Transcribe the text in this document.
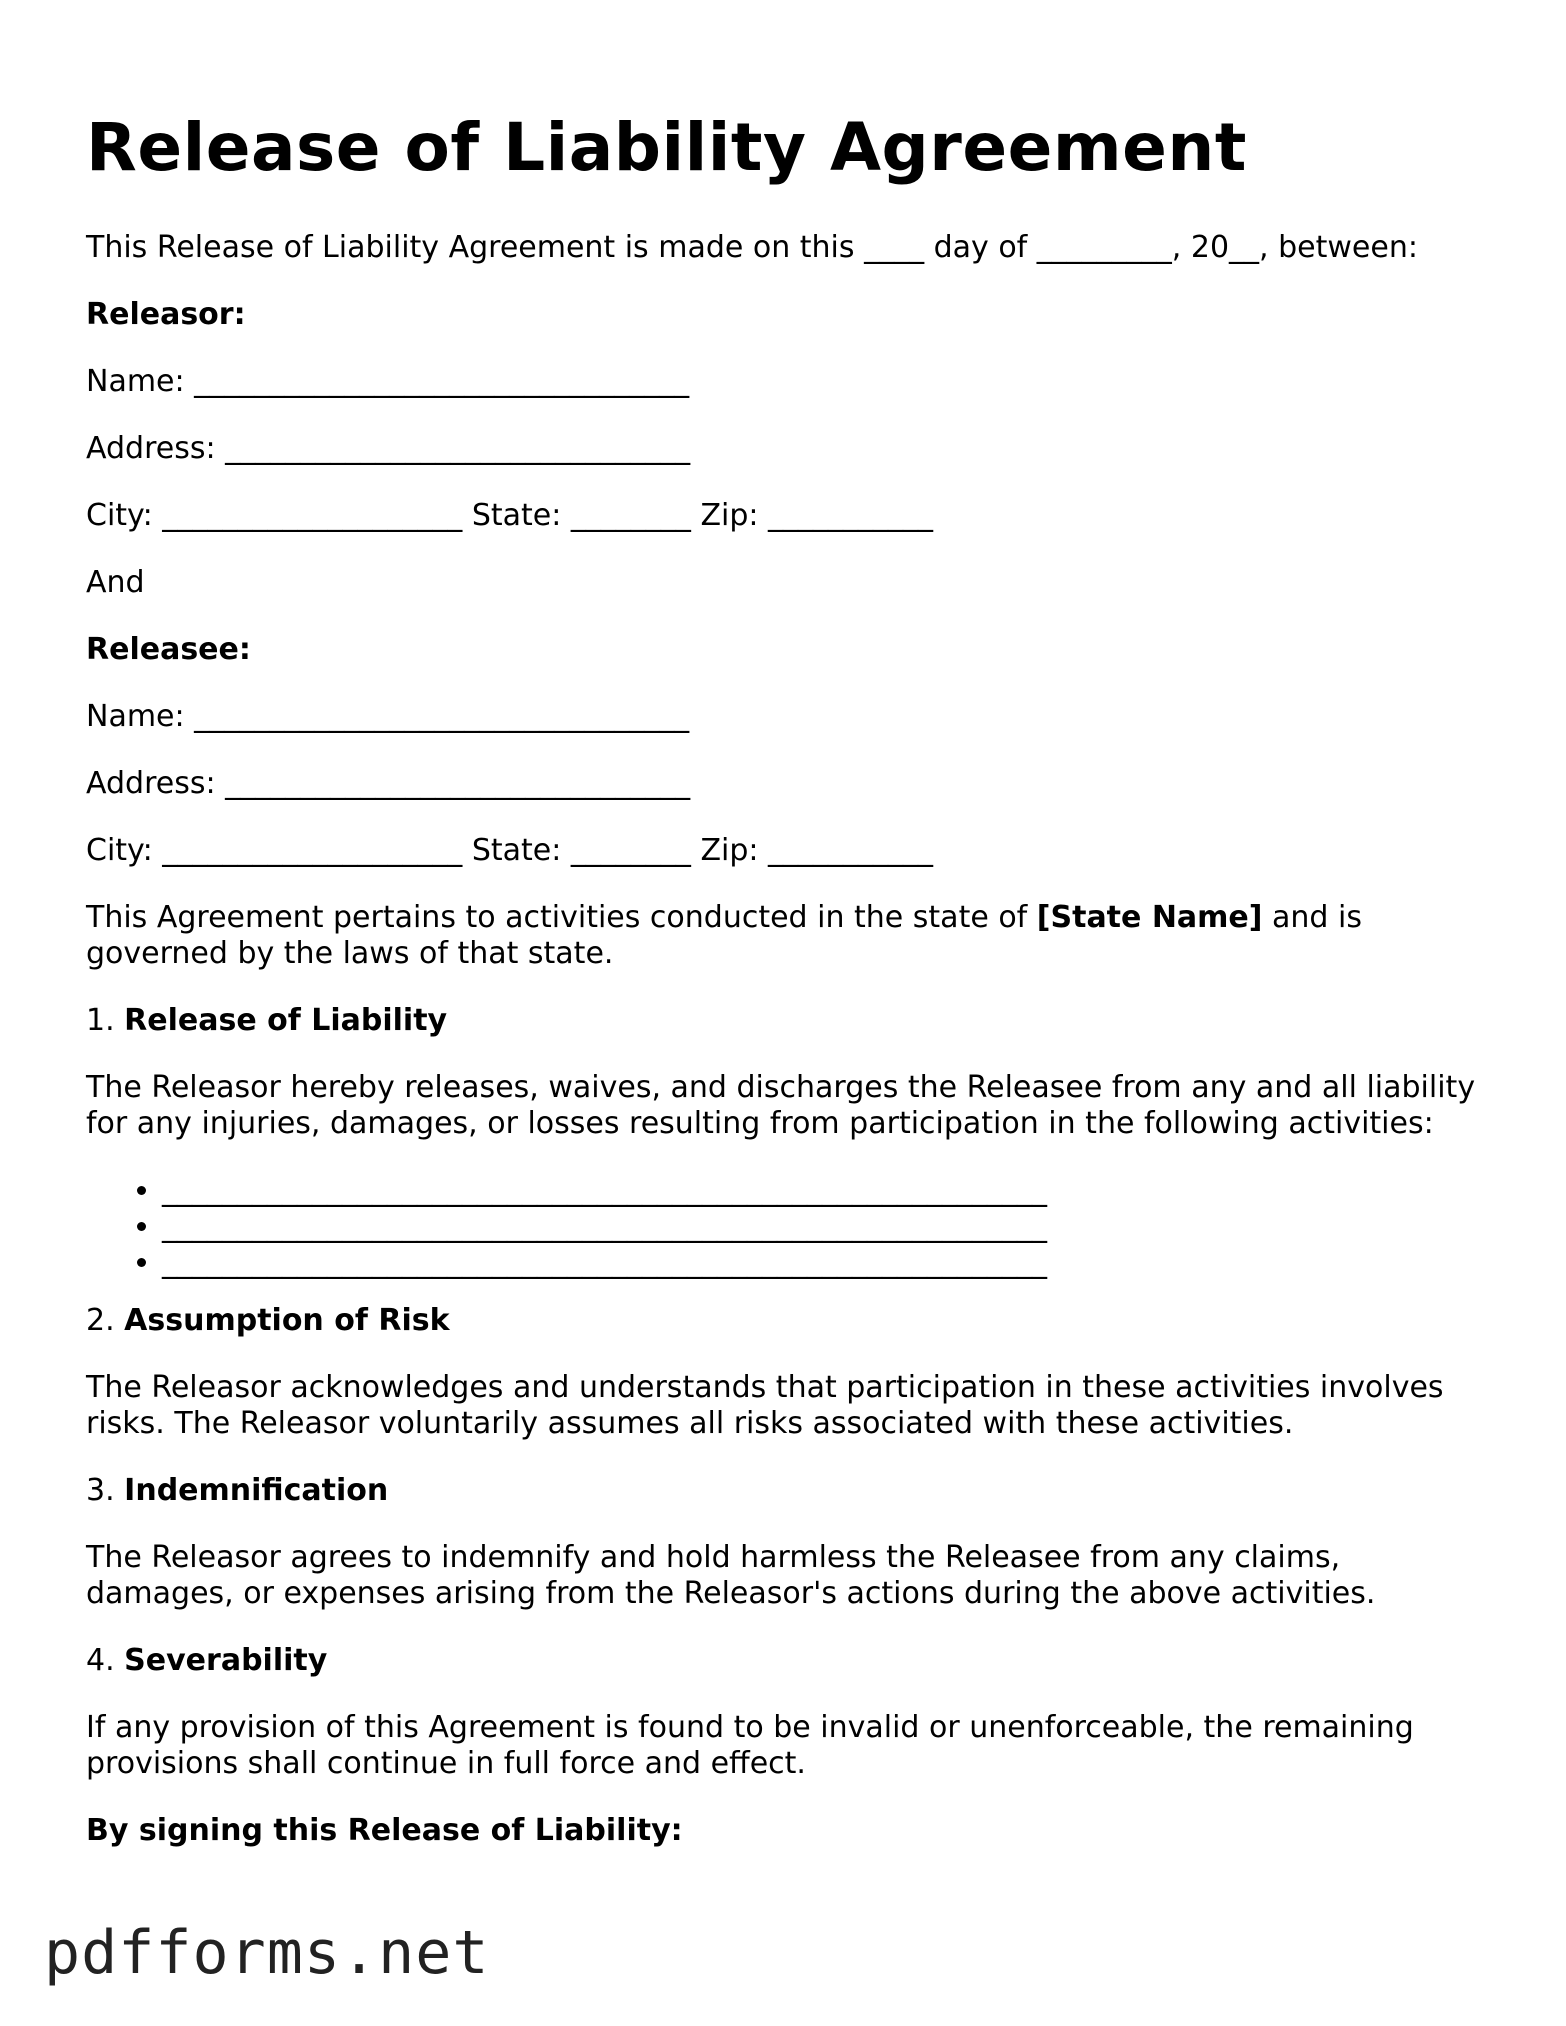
Release of Liability Agreement

This Release of Liability Agreement is made on this ____ day of _________, 20__, between:

Releasor:

Name: _________________________________

Address: _______________________________

City: ____________________ State: ________ Zip: ___________

And

Releasee:

Name: _________________________________

Address: _______________________________

City: ____________________ State: ________ Zip: ___________

This Agreement pertains to activities conducted in the state of [State Name] and is governed by the laws of that state.

1. Release of Liability

The Releasor hereby releases, waives, and discharges the Releasee from any and all liability for any injuries, damages, or losses resulting from participation in the following activities:

• ___________________________________________________________
• ___________________________________________________________
• ___________________________________________________________

2. Assumption of Risk

The Releasor acknowledges and understands that participation in these activities involves risks. The Releasor voluntarily assumes all risks associated with these activities.

3. Indemnification

The Releasor agrees to indemnify and hold harmless the Releasee from any claims, damages, or expenses arising from the Releasor's actions during the above activities.

4. Severability

If any provision of this Agreement is found to be invalid or unenforceable, the remaining provisions shall continue in full force and effect.

By signing this Release of Liability:

pdfforms.net
